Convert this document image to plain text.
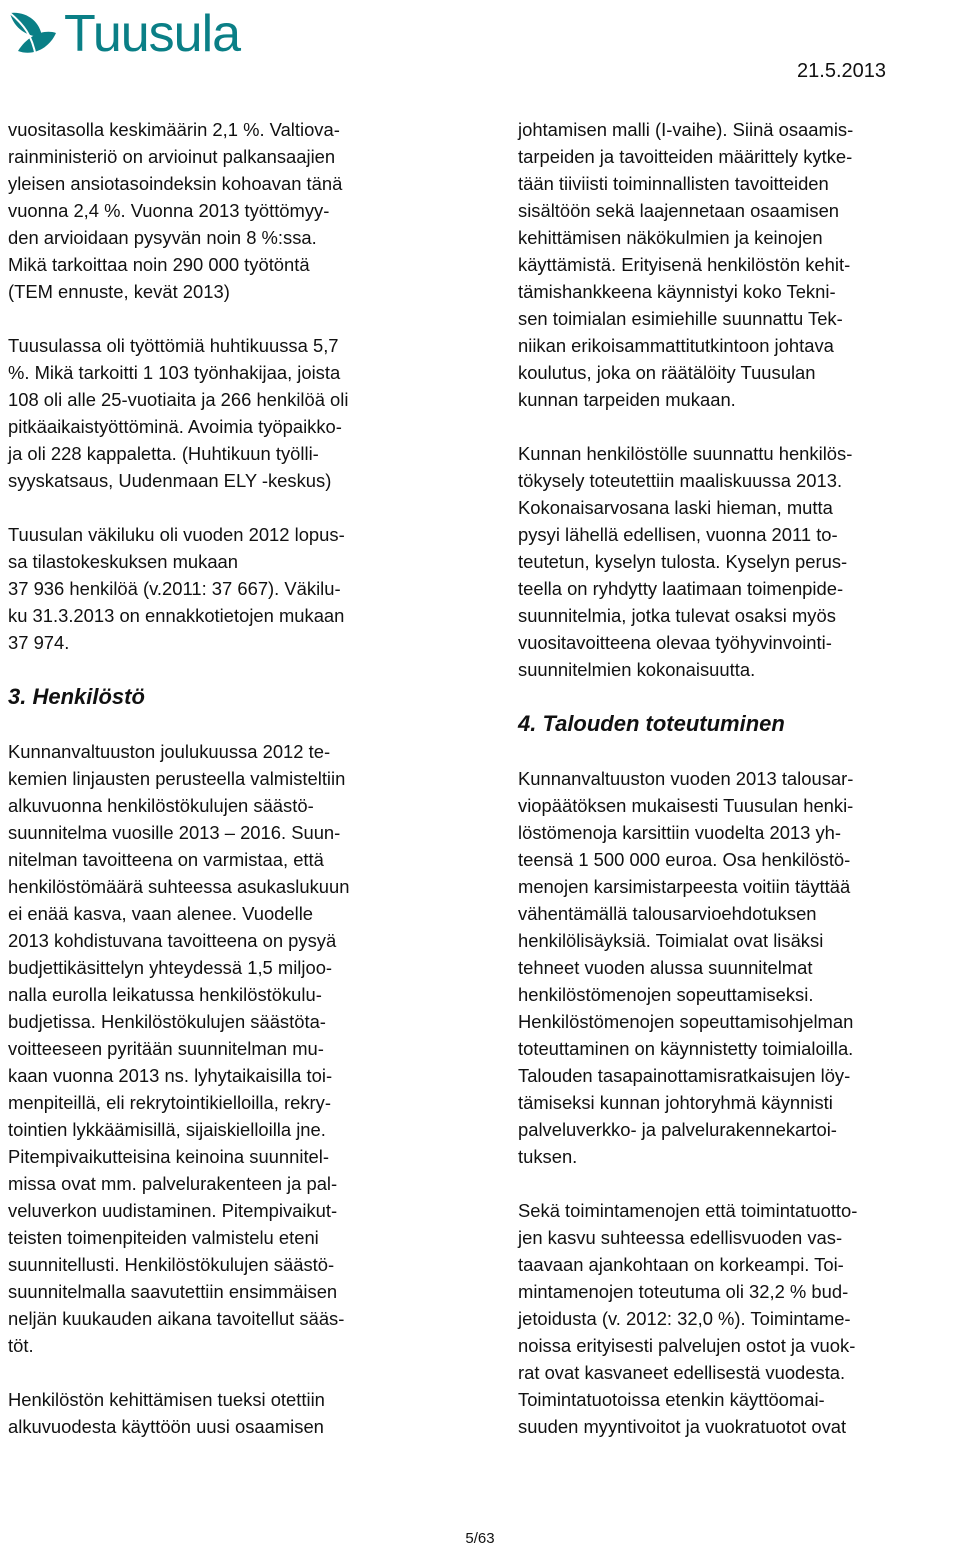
Tuusula
21.5.2013

vuositasolla keskimäärin 2,1 %. Valtiova-
rainministeriö on arvioinut palkansaajien
yleisen ansiotasoindeksin kohoavan tänä
vuonna 2,4 %. Vuonna 2013 työttömyy-
den arvioidaan pysyvän noin 8 %:ssa.
Mikä tarkoittaa noin 290 000 työtöntä
(TEM ennuste, kevät 2013)

Tuusulassa oli työttömiä huhtikuussa 5,7
%. Mikä tarkoitti 1 103 työnhakijaa, joista
108 oli alle 25-vuotiaita ja 266 henkilöä oli
pitkäaikaistyöttöminä. Avoimia työpaikko-
ja oli 228 kappaletta. (Huhtikuun työlli-
syyskatsaus, Uudenmaan ELY -keskus)

Tuusulan väkiluku oli vuoden 2012 lopus-
sa tilastokeskuksen mukaan
37 936 henkilöä (v.2011: 37 667). Väkilu-
ku 31.3.2013 on ennakkotietojen mukaan
37 974.

3. Henkilöstö

Kunnanvaltuuston joulukuussa 2012 te-
kemien linjausten perusteella valmisteltiin
alkuvuonna henkilöstökulujen säästö-
suunnitelma vuosille 2013 – 2016. Suun-
nitelman tavoitteena on varmistaa, että
henkilöstömäärä suhteessa asukaslukuun
ei enää kasva, vaan alenee. Vuodelle
2013 kohdistuvana tavoitteena on pysyä
budjettikäsittelyn yhteydessä 1,5 miljoo-
nalla eurolla leikatussa henkilöstökulu-
budjetissa. Henkilöstökulujen säästöta-
voitteeseen pyritään suunnitelman mu-
kaan vuonna 2013 ns. lyhytaikaisilla toi-
menpiteillä, eli rekrytointikielloilla, rekry-
tointien lykkäämisillä, sijaiskielloilla jne.
Pitempivaikutteisina keinoina suunnitel-
missa ovat mm. palvelurakenteen ja pal-
veluverkon uudistaminen. Pitempivaikut-
teisten toimenpiteiden valmistelu eteni
suunnitellusti. Henkilöstökulujen säästö-
suunnitelmalla saavutettiin ensimmäisen
neljän kuukauden aikana tavoitellut sääs-
töt.

Henkilöstön kehittämisen tueksi otettiin
alkuvuodesta käyttöön uusi osaamisen

johtamisen malli (I-vaihe). Siinä osaamis-
tarpeiden ja tavoitteiden määrittely kytke-
tään tiiviisti toiminnallisten tavoitteiden
sisältöön sekä laajennetaan osaamisen
kehittämisen näkökulmien ja keinojen
käyttämistä. Erityisenä henkilöstön kehit-
tämishankkeena käynnistyi koko Tekni-
sen toimialan esimiehille suunnattu Tek-
niikan erikoisammattitutkintoon johtava
koulutus, joka on räätälöity Tuusulan
kunnan tarpeiden mukaan.

Kunnan henkilöstölle suunnattu henkilös-
tökysely toteutettiin maaliskuussa 2013.
Kokonaisarvosana laski hieman, mutta
pysyi lähellä edellisen, vuonna 2011 to-
teutetun, kyselyn tulosta. Kyselyn perus-
teella on ryhdytty laatimaan toimenpide-
suunnitelmia, jotka tulevat osaksi myös
vuositavoitteena olevaa työhyvinvointi-
suunnitelmien kokonaisuutta.

4. Talouden toteutuminen

Kunnanvaltuuston vuoden 2013 talousar-
viopäätöksen mukaisesti Tuusulan henki-
löstömenoja karsittiin vuodelta 2013 yh-
teensä 1 500 000 euroa. Osa henkilöstö-
menojen karsimistarpeesta voitiin täyttää
vähentämällä talousarvioehdotuksen
henkilölisäyksiä. Toimialat ovat lisäksi
tehneet vuoden alussa suunnitelmat
henkilöstömenojen sopeuttamiseksi.
Henkilöstömenojen sopeuttamisohjelman
toteuttaminen on käynnistetty toimialoilla.
Talouden tasapainottamisratkaisujen löy-
tämiseksi kunnan johtoryhmä käynnisti
palveluverkko- ja palvelurakennekartoi-
tuksen.

Sekä toimintamenojen että toimintatuotto-
jen kasvu suhteessa edellisvuoden vas-
taavaan ajankohtaan on korkeampi. Toi-
mintamenojen toteutuma oli 32,2 % bud-
jetoidusta (v. 2012: 32,0 %). Toimintame-
noissa erityisesti palvelujen ostot ja vuok-
rat ovat kasvaneet edellisestä vuodesta.
Toimintatuotoissa etenkin käyttöomai-
suuden myyntivoitot ja vuokratuotot ovat

5/63
